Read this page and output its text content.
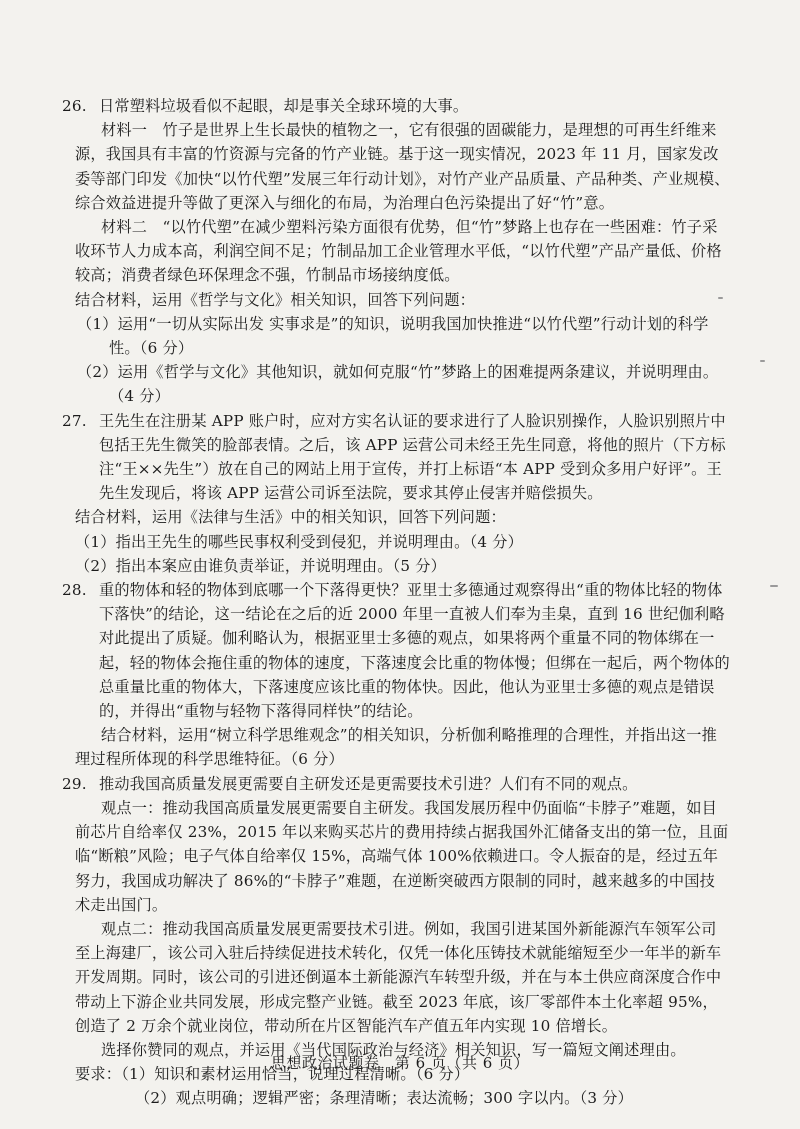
26. 日常塑料垃圾看似不起眼，却是事关全球环境的大事。

材料一　竹子是世界上生长最快的植物之一，它有很强的固碳能力，是理想的可再生纤维来源，我国具有丰富的竹资源与完备的竹产业链。基于这一现实情况，2023 年 11 月，国家发改委等部门印发《加快“以竹代塑”发展三年行动计划》，对竹产业产品质量、产品种类、产业规模、综合效益进提升等做了更深入与细化的布局，为治理白色污染提出了好“竹”意。

材料二　“以竹代塑”在减少塑料污染方面很有优势，但“竹”梦路上也存在一些困难：竹子采收环节人力成本高，利润空间不足；竹制品加工企业管理水平低，“以竹代塑”产品产量低、价格较高；消费者绿色环保理念不强，竹制品市场接纳度低。

结合材料，运用《哲学与文化》相关知识，回答下列问题：

（1）运用“一切从实际出发 实事求是”的知识，说明我国加快推进“以竹代塑”行动计划的科学性。（6 分）

（2）运用《哲学与文化》其他知识，就如何克服“竹”梦路上的困难提两条建议，并说明理由。（4 分）

27. 王先生在注册某 APP 账户时，应对方实名认证的要求进行了人脸识别操作，人脸识别照片中包括王先生微笑的脸部表情。之后，该 APP 运营公司未经王先生同意，将他的照片（下方标注“王××先生”）放在自己的网站上用于宣传，并打上标语“本 APP 受到众多用户好评”。王先生发现后，将该 APP 运营公司诉至法院，要求其停止侵害并赔偿损失。

结合材料，运用《法律与生活》中的相关知识，回答下列问题：

（1）指出王先生的哪些民事权利受到侵犯，并说明理由。（4 分）

（2）指出本案应由谁负责举证，并说明理由。（5 分）

28. 重的物体和轻的物体到底哪一个下落得更快？亚里士多德通过观察得出“重的物体比轻的物体下落快”的结论，这一结论在之后的近 2000 年里一直被人们奉为圭臬，直到 16 世纪伽利略对此提出了质疑。伽利略认为，根据亚里士多德的观点，如果将两个重量不同的物体绑在一起，轻的物体会拖住重的物体的速度，下落速度会比重的物体慢；但绑在一起后，两个物体的总重量比重的物体大，下落速度应该比重的物体快。因此，他认为亚里士多德的观点是错误的，并得出“重物与轻物下落得同样快”的结论。

结合材料，运用“树立科学思维观念”的相关知识，分析伽利略推理的合理性，并指出这一推理过程所体现的科学思维特征。（6 分）

29. 推动我国高质量发展更需要自主研发还是更需要技术引进？人们有不同的观点。

观点一：推动我国高质量发展更需要自主研发。我国发展历程中仍面临“卡脖子”难题，如目前芯片自给率仅 23%，2015 年以来购买芯片的费用持续占据我国外汇储备支出的第一位，且面临“断粮”风险；电子气体自给率仅 15%，高端气体 100%依赖进口。令人振奋的是，经过五年努力，我国成功解决了 86%的“卡脖子”难题，在逆断突破西方限制的同时，越来越多的中国技术走出国门。

观点二：推动我国高质量发展更需要技术引进。例如，我国引进某国外新能源汽车领军公司至上海建厂，该公司入驻后持续促进技术转化，仅凭一体化压铸技术就能缩短至少一年半的新车开发周期。同时，该公司的引进还倒逼本土新能源汽车转型升级，并在与本土供应商深度合作中带动上下游企业共同发展，形成完整产业链。截至 2023 年底，该厂零部件本土化率超 95%，创造了 2 万余个就业岗位，带动所在片区智能汽车产值五年内实现 10 倍增长。

选择你赞同的观点，并运用《当代国际政治与经济》相关知识，写一篇短文阐述理由。

要求：（1）知识和素材运用恰当，说理过程清晰。（6 分）

（2）观点明确；逻辑严密；条理清晰；表达流畅；300 字以内。（3 分）

思想政治试题卷　第 6 页（共 6 页）
